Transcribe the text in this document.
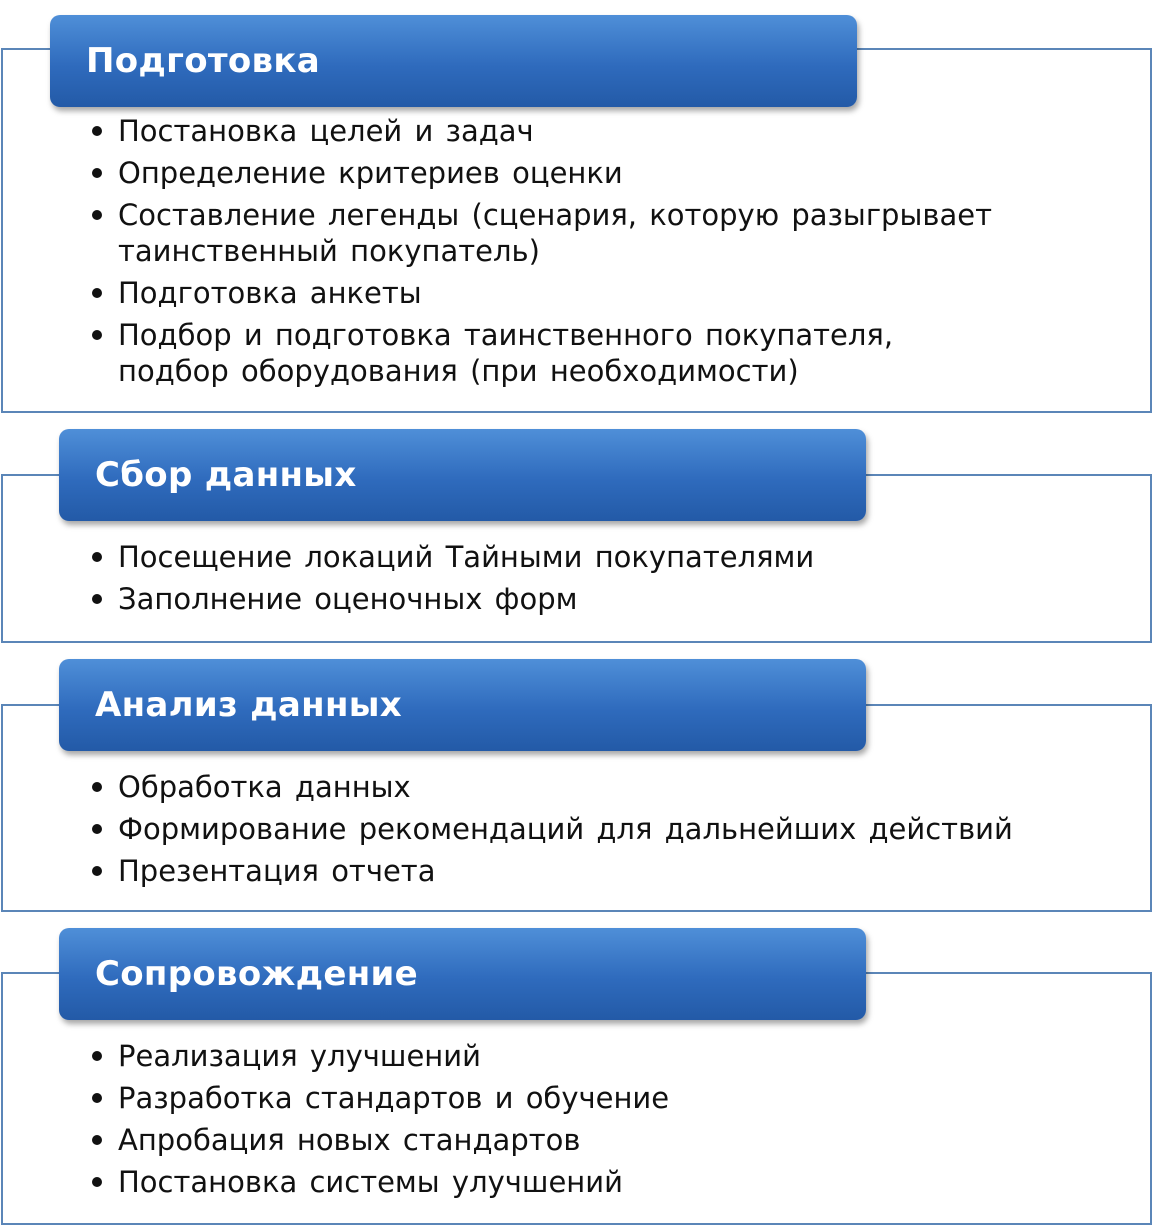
Подготовка
Постановка целей и задач
Определение критериев оценки
Составление легенды (сценария, которую разыгрывает таинственный покупатель)
Подготовка анкеты
Подбор и подготовка таинственного покупателя, подбор оборудования (при необходимости)
Сбор данных
Посещение локаций Тайными покупателями
Заполнение оценочных форм
Анализ данных
Обработка данных
Формирование рекомендаций для дальнейших действий
Презентация отчета
Сопровождение
Реализация улучшений
Разработка стандартов и обучение
Апробация новых стандартов
Постановка системы улучшений
